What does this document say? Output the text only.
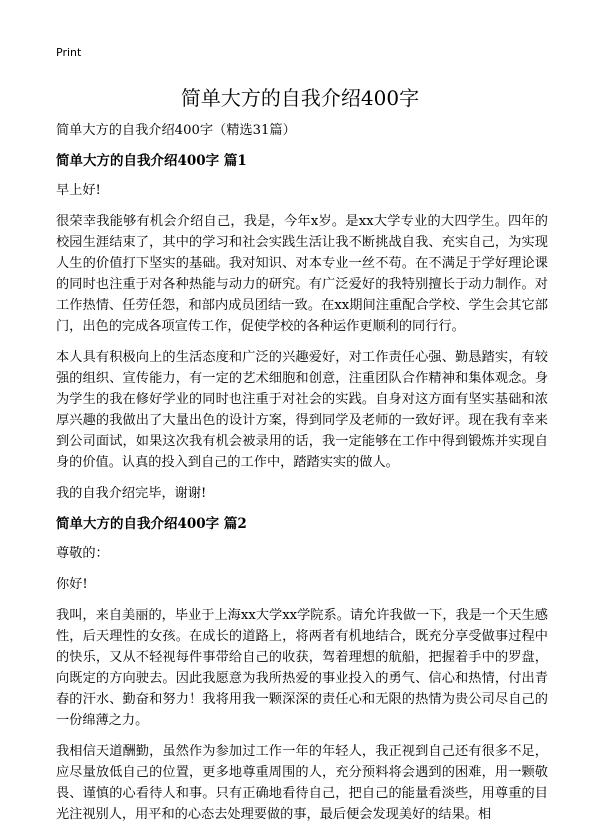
Print
简单大方的自我介绍400字

简单大方的自我介绍400字（精选31篇）

简单大方的自我介绍400字 篇1

早上好!

很荣幸我能够有机会介绍自己，我是，今年x岁。是xx大学专业的大四学生。四年的校园生涯结束了，其中的学习和社会实践生活让我不断挑战自我、充实自己，为实现人生的价值打下坚实的基础。我对知识、对本专业一丝不苟。在不满足于学好理论课的同时也注重于对各种热能与动力的研究。有广泛爱好的我特别擅长于动力制作。对工作热情、任劳任怨，和部内成员团结一致。在xx期间注重配合学校、学生会其它部门，出色的完成各项宣传工作，促使学校的各种运作更顺利的同行行。

本人具有积极向上的生活态度和广泛的兴趣爱好，对工作责任心强、勤恳踏实，有较强的组织、宣传能力，有一定的艺术细胞和创意，注重团队合作精神和集体观念。身为学生的我在修好学业的同时也注重于对社会的实践。自身对这方面有坚实基础和浓厚兴趣的我做出了大量出色的设计方案，得到同学及老师的一致好评。现在我有幸来到公司面试，如果这次我有机会被录用的话，我一定能够在工作中得到锻炼并实现自身的价值。认真的投入到自己的工作中，踏踏实实的做人。

我的自我介绍完毕，谢谢!

简单大方的自我介绍400字 篇2

尊敬的：

你好!

我叫，来自美丽的，毕业于上海xx大学xx学院系。请允许我做一下，我是一个天生感性，后天理性的女孩。在成长的道路上，将两者有机地结合，既充分享受做事过程中的快乐，又从不轻视每件事带给自己的收获，驾着理想的航船，把握着手中的罗盘，向既定的方向驶去。因此我愿意为我所热爱的事业投入的勇气、信心和热情，付出青春的汗水、勤奋和努力！我将用我一颗深深的责任心和无限的热情为贵公司尽自己的一份绵薄之力。

我相信天道酬勤，虽然作为参加过工作一年的年轻人，我正视到自己还有很多不足，应尽量放低自己的位置，更多地尊重周围的人，充分预料将会遇到的困难，用一颗敬畏、谨慎的心看待人和事。只有正确地看待自己，把自己的能量看淡些，用尊重的目光注视别人，用平和的心态去处理要做的事，最后便会发现美好的结果。相
